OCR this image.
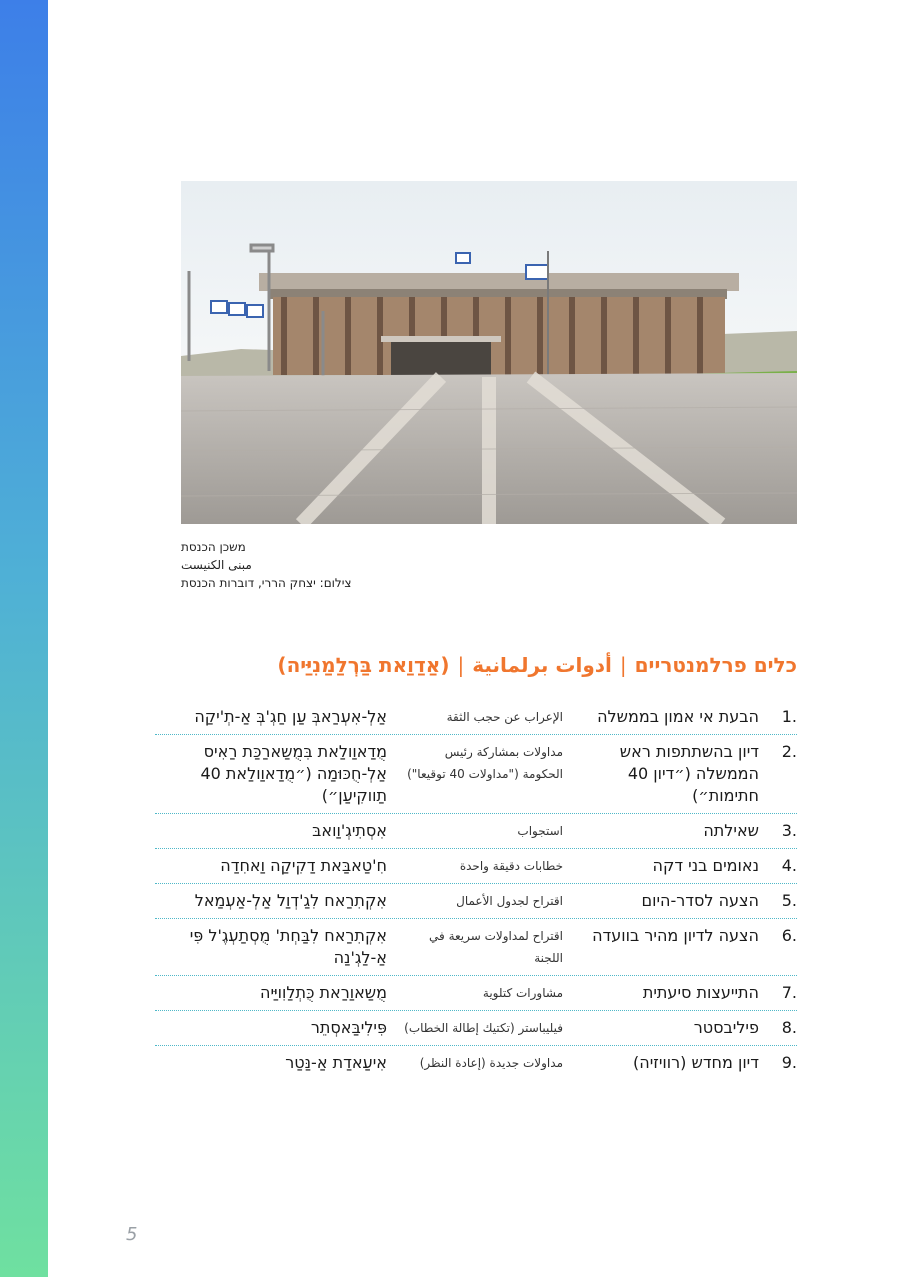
משכן הכנסת
مبنى الكنيست
צילום: יצחק הררי, דוברות הכנסת
כלים פרלמנטריים|أدوات برلمانية|(אַדַוַאת בַּרְלַמַנִיַּיה)
.1
הבעת אי אמון בממשלה
الإعراب عن حجب الثقة
אַלְ-אִעְרַאבְּ עַן חַגְ'בְּ אַ-תְ'יקַה
.2
דיון בהשתתפות ראש הממשלה (״דיון 40 חתימות״)
مداولات بمشاركة رئيس الحكومة ("مداولات 40 توقيعا")
מֻדַאוַולַאת בִּמֻשַארַכַּת רַאִיס אַלְ-חֻכּוּמַה (״מֻדַאוַולַאת 40 תַווקִיעַן״)
.3
שאילתה
استجواب
אִסְתִיגְ'וַואבּ
.4
נאומים בני דקה
خطابات دقيقة واحدة
חִ'טַאבַּאת דַקִיקַה וַאחִדַה
.5
הצעה לסדר-היום
اقتراح لجدول الأعمال
אִקְתִרַאח לִגַ'דְוַל אַלְ-אַעְמַאל
.6
הצעה לדיון מהיר בוועדה
اقتراح لمداولات سريعة في اللجنة
אִקְתִרַאח לִבַּחְת' מֻסְתַעְגֶ'ל פִּי אַ-לַגְ'נַה
.7
התייעצות סיעתית
مشاورات كتلوية
מֻשַאוַרַאת כֻּתְלַוִויַּיה
.8
פיליבסטר
فيليباستر (تكتيك إطالة الخطاب)
פִּילִיבַּאסְתֵר
.9
דיון מחדש (רוויזיה)
مداولات جديدة (إعادة النظر)
אִיעַאדַת אַ-נַּטַר
5
